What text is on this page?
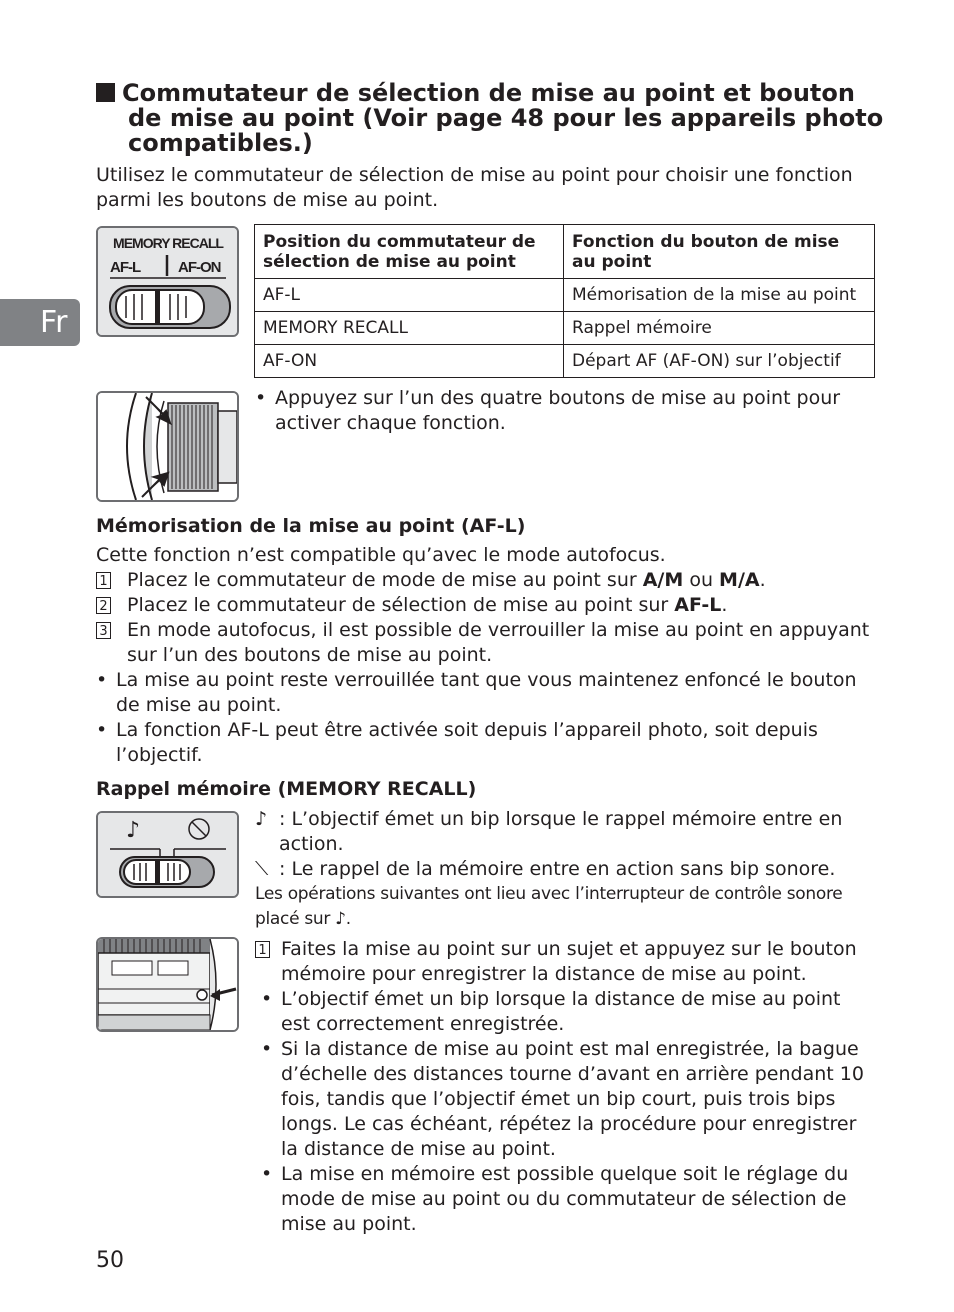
Fr
Commutateur de sélection de mise au point et bouton
de mise au point (Voir page 48 pour les appareils photo
compatibles.)
Utilisez le commutateur de sélection de mise au point pour choisir une fonction parmi les boutons de mise au point.
MEMORY RECALL
AF-L	AF-ON
Position du commutateur de sélection de mise au point	Fonction du bouton de mise au point
AF-L	Mémorisation de la mise au point
MEMORY RECALL	Rappel mémoire
AF-ON	Départ AF (AF-ON) sur l’objectif
• Appuyez sur l’un des quatre boutons de mise au point pour activer chaque fonction.
Mémorisation de la mise au point (AF-L)
Cette fonction n’est compatible qu’avec le mode autofocus.
1 Placez le commutateur de mode de mise au point sur A/M ou M/A.
2 Placez le commutateur de sélection de mise au point sur AF-L.
3 En mode autofocus, il est possible de verrouiller la mise au point en appuyant sur l’un des boutons de mise au point.
• La mise au point reste verrouillée tant que vous maintenez enfoncé le bouton de mise au point.
• La fonction AF-L peut être activée soit depuis l’appareil photo, soit depuis l’objectif.
Rappel mémoire (MEMORY RECALL)
♪	♪ : L’objectif émet un bip lorsque le rappel mémoire entre en action.
⟍ : Le rappel de la mémoire entre en action sans bip sonore.
Les opérations suivantes ont lieu avec l’interrupteur de contrôle sonore placé sur ♪.
1 Faites la mise au point sur un sujet et appuyez sur le bouton mémoire pour enregistrer la distance de mise au point.
• L’objectif émet un bip lorsque la distance de mise au point est correctement enregistrée.
• Si la distance de mise au point est mal enregistrée, la bague d’échelle des distances tourne d’avant en arrière pendant 10 fois, tandis que l’objectif émet un bip court, puis trois bips longs. Le cas échéant, répétez la procédure pour enregistrer la distance de mise au point.
• La mise en mémoire est possible quelque soit le réglage du mode de mise au point ou du commutateur de sélection de mise au point.
50
